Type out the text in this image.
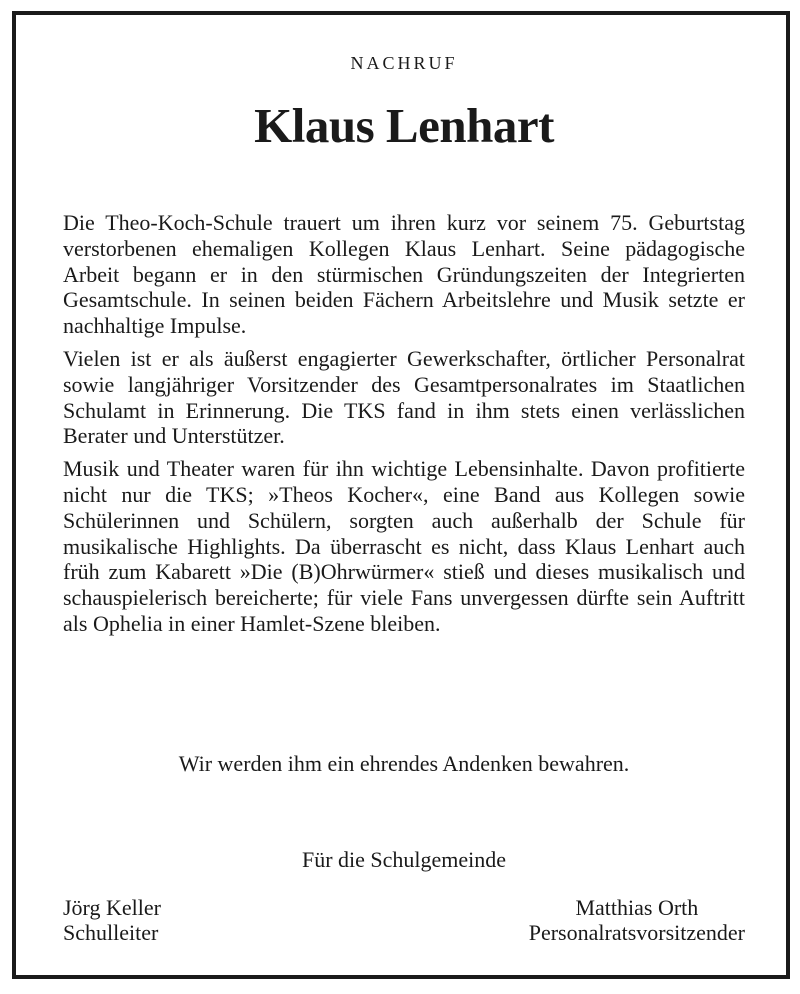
NACHRUF
Klaus Lenhart

Die Theo-Koch-Schule trauert um ihren kurz vor seinem 75. Geburtstag verstorbenen ehemaligen Kollegen Klaus Lenhart. Seine pädagogische Arbeit begann er in den stürmischen Gründungszeiten der Integrierten Gesamtschule. In seinen beiden Fächern Arbeitslehre und Musik setzte er nachhaltige Impulse.

Vielen ist er als äußerst engagierter Gewerkschafter, örtlicher Personalrat sowie langjähriger Vorsitzender des Gesamtpersonalrates im Staatlichen Schulamt in Erinnerung. Die TKS fand in ihm stets einen verlässlichen Berater und Unterstützer.

Musik und Theater waren für ihn wichtige Lebensinhalte. Davon profitierte nicht nur die TKS; »Theos Kocher«, eine Band aus Kollegen sowie Schülerinnen und Schülern, sorgten auch außerhalb der Schule für musikalische Highlights. Da überrascht es nicht, dass Klaus Lenhart auch früh zum Kabarett »Die (B)Ohrwürmer« stieß und dieses musikalisch und schauspielerisch bereicherte; für viele Fans unvergessen dürfte sein Auftritt als Ophelia in einer Hamlet-Szene bleiben.

Wir werden ihm ein ehrendes Andenken bewahren.
Für die Schulgemeinde
Jörg Keller
Schulleiter
Matthias Orth
Personalratsvorsitzender
